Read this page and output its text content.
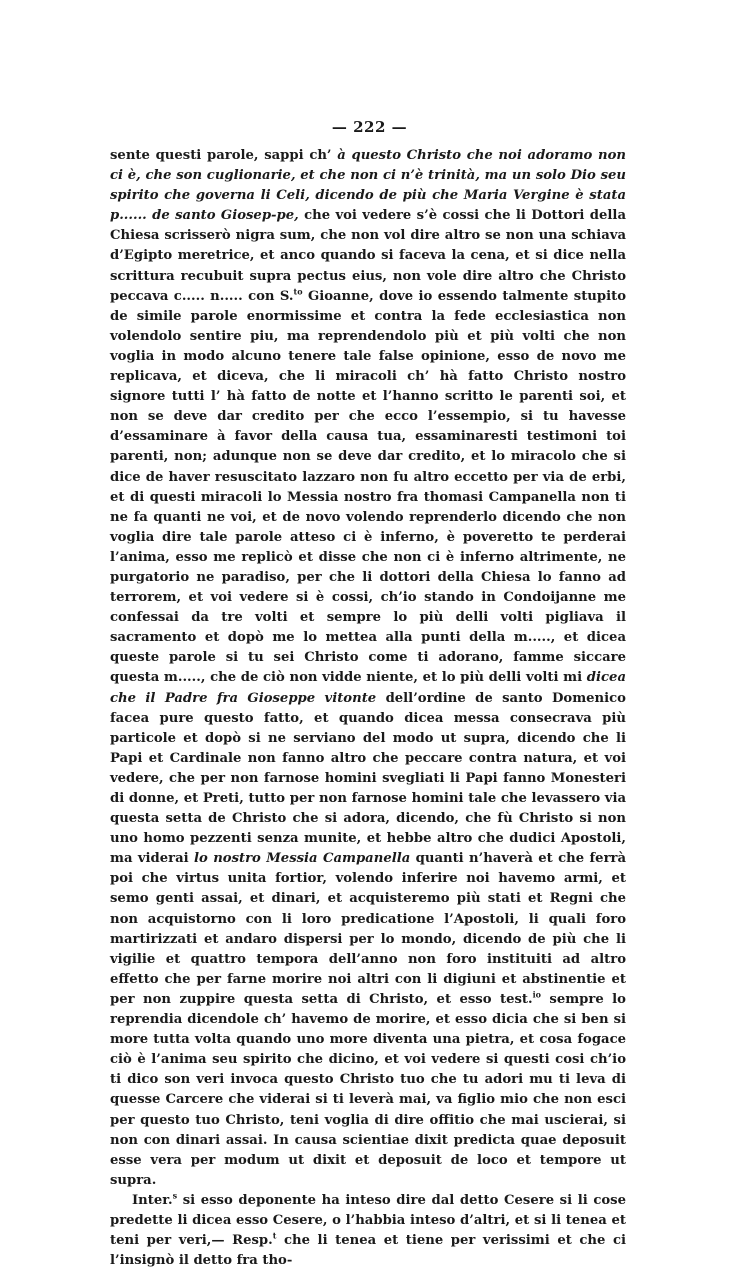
— 222 —

sente questi parole, sappi ch’ à questo Christo che noi adoramo non ci è, che son cuglionarie, et che non ci n’è trinità, ma un solo Dio seu spirito che governa li Celi, dicendo de più che Maria Vergine è stata p...... de santo Giosep-pe, che voi vedere s’è cossi che li Dottori della Chiesa scrisserò nigra sum, che non vol dire altro se non una schiava d’Egipto meretrice, et anco quando si faceva la cena, et si dice nella scrittura recubuit supra pectus eius, non vole dire altro che Christo peccava c..... n..... con S.$^{to}$ Gioanne, dove io essendo talmente stupito de simile parole enormissime et contra la fede ecclesiastica non volendolo sentire piu, ma reprendendolo più et più volti che non voglia in modo alcuno tenere tale false opinione, esso de novo me replicava, et diceva, che li miracoli ch’ hà fatto Christo nostro signore tutti l’ hà fatto de notte et l’hanno scritto le parenti soi, et non se deve dar credito per che ecco l’essempio, si tu havesse d’essaminare à favor della causa tua, essaminaresti testimoni toi parenti, non; adunque non se deve dar credito, et lo miracolo che si dice de haver resuscitato lazzaro non fu altro eccetto per via de erbi, et di questi miracoli lo Messia nostro fra thomasi Campanella non ti ne fa quanti ne voi, et de novo volendo reprenderlo dicendo che non voglia dire tale parole atteso ci è inferno, è poveretto te perderai l’anima, esso me replicò et disse che non ci è inferno altrimente, ne purgatorio ne paradiso, per che li dottori della Chiesa lo fanno ad terrorem, et voi vedere si è cossi, ch’io stando in Condoijanne me confessai da tre volti et sempre lo più delli volti pigliava il sacramento et dopò me lo mettea alla punti della m....., et dicea queste parole si tu sei Christo come ti adorano, famme siccare questa m....., che de ciò non vidde niente, et lo più delli volti mi dicea che il Padre fra Gioseppe vitonte dell’ordine de santo Domenico facea pure questo fatto, et quando dicea messa consecrava più particole et dopò si ne serviano del modo ut supra, dicendo che li Papi et Cardinale non fanno altro che peccare contra natura, et voi vedere, che per non farnose homini svegliati li Papi fanno Monesteri di donne, et Preti, tutto per non farnose homini tale che levassero via questa setta de Christo che si adora, dicendo, che fù Christo si non uno homo pezzenti senza munite, et hebbe altro che dudici Apostoli, ma viderai lo nostro Messia Campanella quanti n’haverà et che ferrà poi che virtus unita fortior, volendo inferire noi havemo armi, et semo genti assai, et dinari, et acquisteremo più stati et Regni che non acquistorno con li loro predicatione l’Apostoli, li quali foro martirizzati et andaro dispersi per lo mondo, dicendo de più che li vigilie et quattro tempora dell’anno non foro instituiti ad altro effetto che per farne morire noi altri con li digiuni et abstinentie et per non zuppire questa setta di Christo, et esso test.$^{io}$ sempre lo reprendia dicendole ch’ havemo de morire, et esso dicia che si ben si more tutta volta quando uno more diventa una pietra, et cosa fogace ciò è l’anima seu spirito che dicino, et voi vedere si questi cosi ch’io ti dico son veri invoca questo Christo tuo che tu adori mu ti leva di quesse Carcere che viderai si ti leverà mai, va figlio mio che non esci per questo tuo Christo, teni voglia di dire offitio che mai uscierai, si non con dinari assai. In causa scientiae dixit predicta quae deposuit esse vera per modum ut dixit et deposuit de loco et tempore ut supra.

Inter.$^s$ si esso deponente ha inteso dire dal detto Cesere si li cose predette li dicea esso Cesere, o l’habbia inteso d’altri, et si li tenea et teni per veri,— Resp.$^t$ che li tenea et tiene per verissimi et che ci l’insignò il detto fra tho-
